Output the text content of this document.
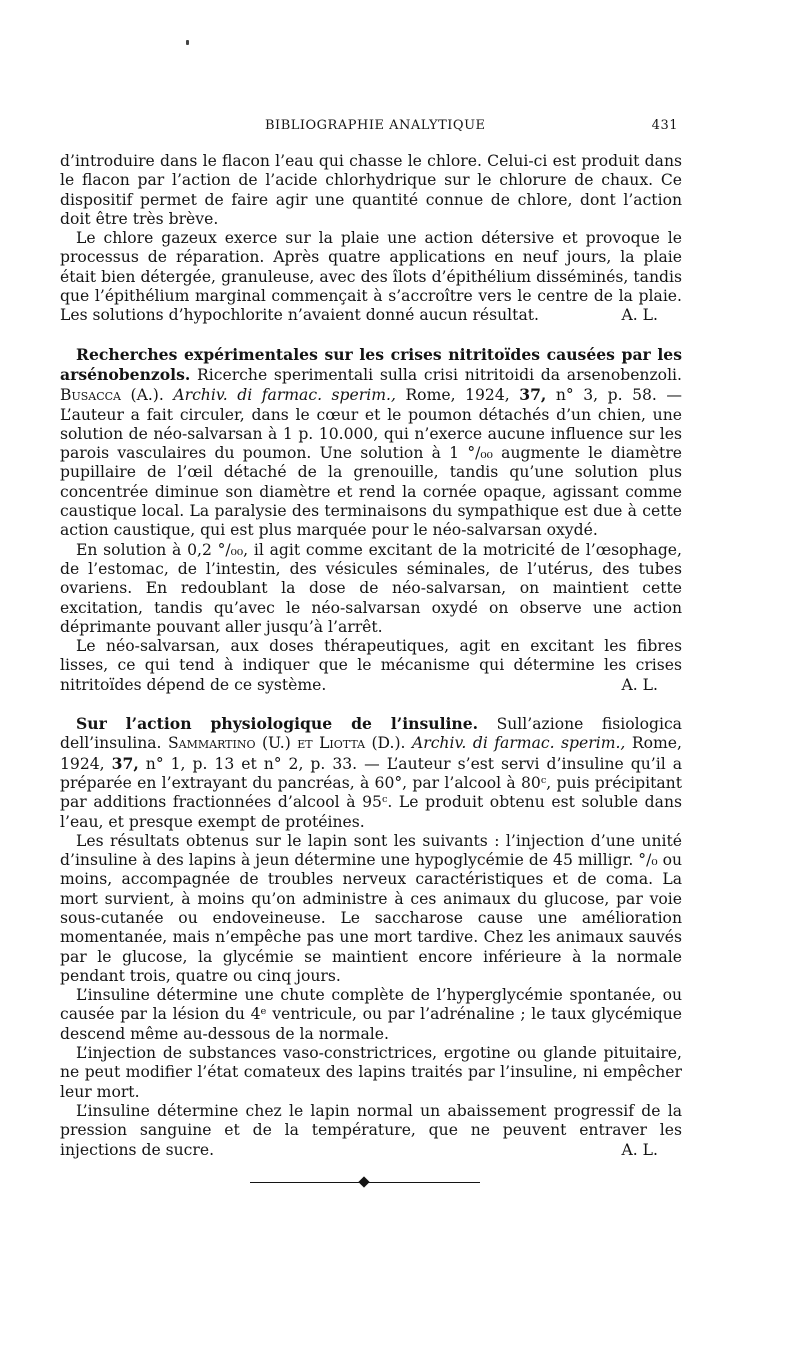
BIBLIOGRAPHIE ANALYTIQUE	431

d’introduire dans le flacon l’eau qui chasse le chlore. Celui-ci est produit dans le flacon par l’action de l’acide chlorhydrique sur le chlorure de chaux. Ce dispositif permet de faire agir une quantité connue de chlore, dont l’action doit être très brève.

Le chlore gazeux exerce sur la plaie une action détersive et provoque le processus de réparation. Après quatre applications en neuf jours, la plaie était bien détergée, granuleuse, avec des îlots d’épithélium disséminés, tandis que l’épithélium marginal commençait à s’accroître vers le centre de la plaie. Les solutions d’hypochlorite n’avaient donné aucun résultat.	A. L.

Recherches expérimentales sur les crises nitritoïdes causées par les arsénobenzols. Ricerche sperimentali sulla crisi nitritoidi da arsenobenzoli. Busacca (A.). Archiv. di farmac. sperim., Rome, 1924, 37, n° 3, p. 58. — L’auteur a fait circuler, dans le cœur et le poumon détachés d’un chien, une solution de néo-salvarsan à 1 p. 10.000, qui n’exerce aucune influence sur les parois vasculaires du poumon. Une solution à 1 °/₀₀ augmente le diamètre pupillaire de l’œil détaché de la grenouille, tandis qu’une solution plus concentrée diminue son diamètre et rend la cornée opaque, agissant comme caustique local. La paralysie des terminaisons du sympathique est due à cette action caustique, qui est plus marquée pour le néo-salvarsan oxydé.

En solution à 0,2 °/₀₀, il agit comme excitant de la motricité de l’œsophage, de l’estomac, de l’intestin, des vésicules séminales, de l’utérus, des tubes ovariens. En redoublant la dose de néo-salvarsan, on maintient cette excitation, tandis qu’avec le néo-salvarsan oxydé on observe une action déprimante pouvant aller jusqu’à l’arrêt.

Le néo-salvarsan, aux doses thérapeutiques, agit en excitant les fibres lisses, ce qui tend à indiquer que le mécanisme qui détermine les crises nitritoïdes dépend de ce système.	A. L.

Sur l’action physiologique de l’insuline. Sull’azione fisiologica dell’insulina. Sammartino (U.) et Liotta (D.). Archiv. di farmac. sperim., Rome, 1924, 37, n° 1, p. 13 et n° 2, p. 33. — L’auteur s’est servi d’insuline qu’il a préparée en l’extrayant du pancréas, à 60°, par l’alcool à 80ᶜ, puis précipitant par additions fractionnées d’alcool à 95ᶜ. Le produit obtenu est soluble dans l’eau, et presque exempt de protéines.

Les résultats obtenus sur le lapin sont les suivants : l’injection d’une unité d’insuline à des lapins à jeun détermine une hypoglycémie de 45 milligr. °/₀ ou moins, accompagnée de troubles nerveux caractéristiques et de coma. La mort survient, à moins qu’on administre à ces animaux du glucose, par voie sous-cutanée ou endoveineuse. Le saccharose cause une amélioration momentanée, mais n’empêche pas une mort tardive. Chez les animaux sauvés par le glucose, la glycémie se maintient encore inférieure à la normale pendant trois, quatre ou cinq jours.

L’insuline détermine une chute complète de l’hyperglycémie spontanée, ou causée par la lésion du 4ᵉ ventricule, ou par l’adrénaline ; le taux glycémique descend même au-dessous de la normale.

L’injection de substances vaso-constrictrices, ergotine ou glande pituitaire, ne peut modifier l’état comateux des lapins traités par l’insuline, ni empêcher leur mort.

L’insuline détermine chez le lapin normal un abaissement progressif de la pression sanguine et de la température, que ne peuvent entraver les injections de sucre.	A. L.
